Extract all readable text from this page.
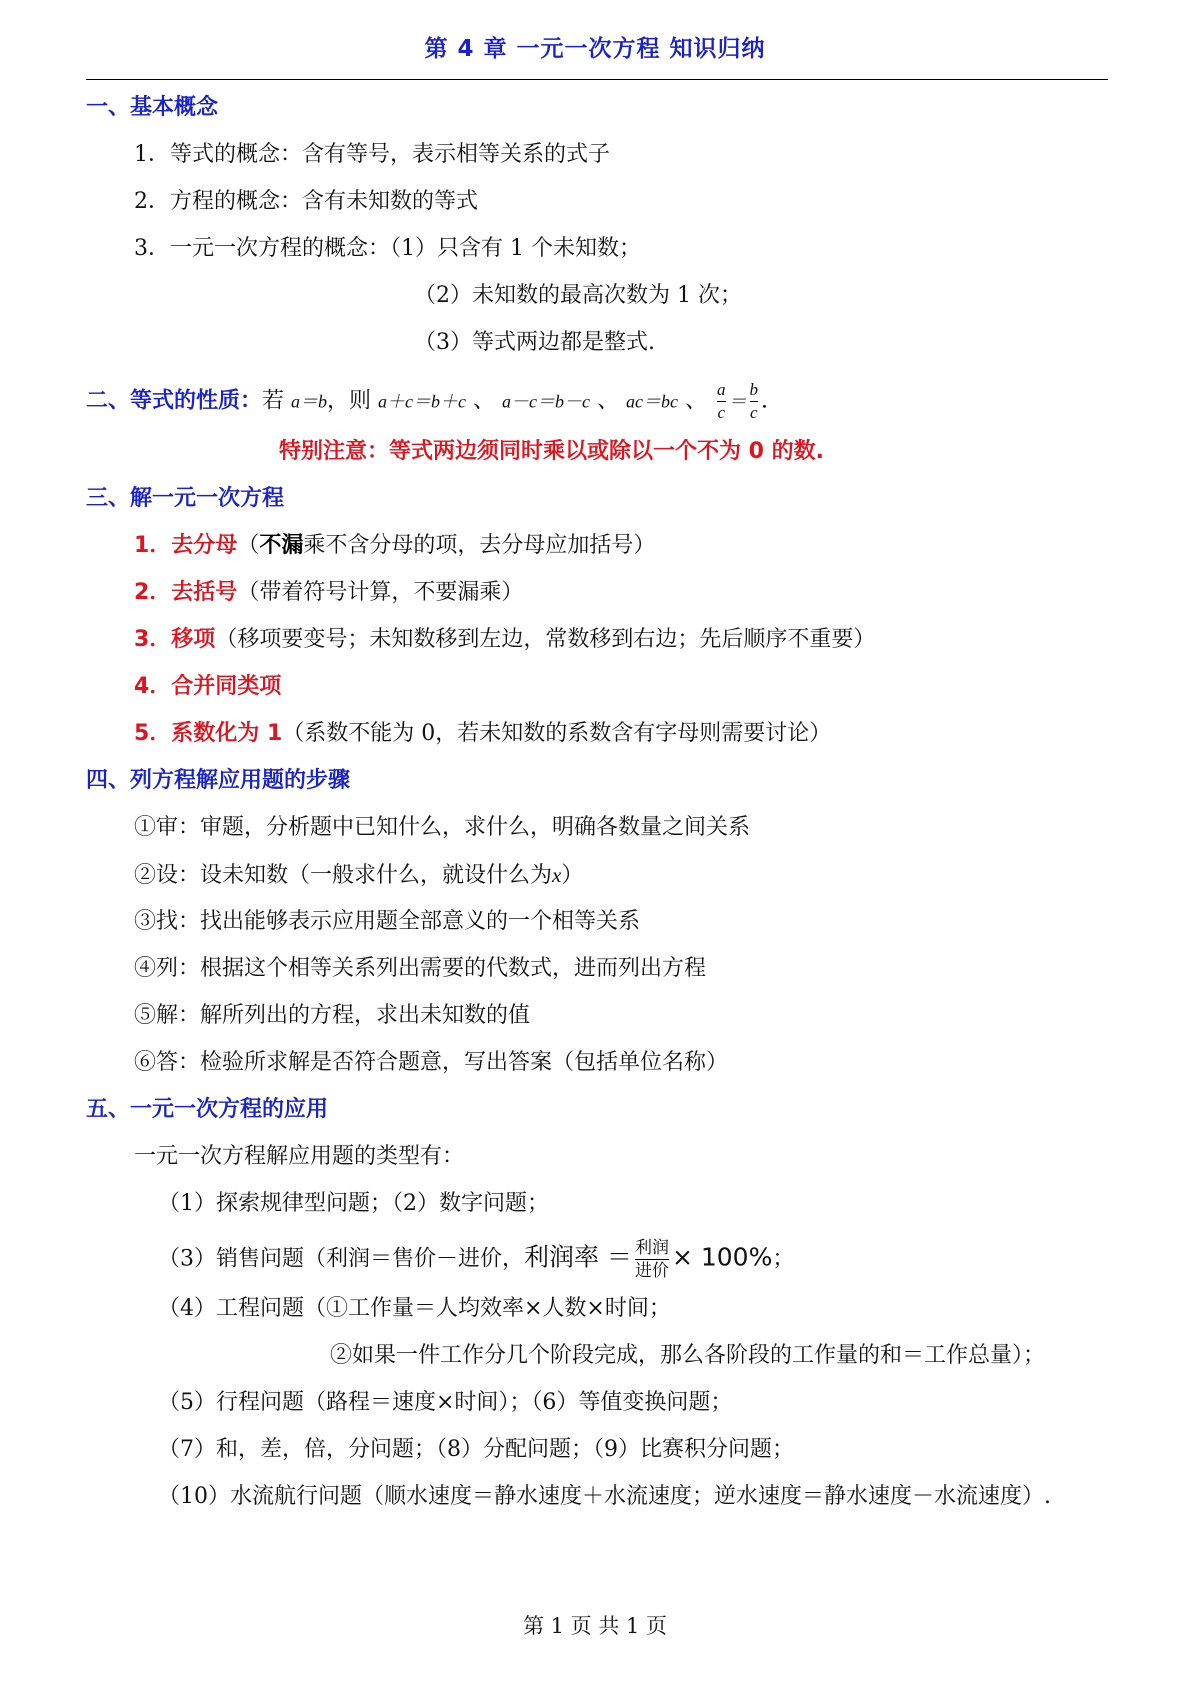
第 4 章 一元一次方程 知识归纳
一、基本概念
1．等式的概念：含有等号，表示相等关系的式子
2．方程的概念：含有未知数的等式
3．一元一次方程的概念：（1）只含有 1 个未知数；
（2）未知数的最高次数为 1 次；
（3）等式两边都是整式.
二、等式的性质：若 a＝b，则 a＋c＝b＋c 、 a－c＝b－c 、 ac＝bc 、 $\frac{a}{c} = \frac{b}{c}$ .
特别注意：等式两边须同时乘以或除以一个不为 0 的数.
三、解一元一次方程
1．去分母（不漏乘不含分母的项，去分母应加括号）
2．去括号（带着符号计算，不要漏乘）
3．移项（移项要变号；未知数移到左边，常数移到右边；先后顺序不重要）
4．合并同类项
5．系数化为 1（系数不能为 0，若未知数的系数含有字母则需要讨论）
四、列方程解应用题的步骤
①审：审题，分析题中已知什么，求什么，明确各数量之间关系
②设：设未知数（一般求什么，就设什么为x）
③找：找出能够表示应用题全部意义的一个相等关系
④列：根据这个相等关系列出需要的代数式，进而列出方程
⑤解：解所列出的方程，求出未知数的值
⑥答：检验所求解是否符合题意，写出答案（包括单位名称）
五、一元一次方程的应用
一元一次方程解应用题的类型有：
（1）探索规律型问题；（2）数字问题；
（3）销售问题（利润＝售价－进价，利润率 ＝ $\frac{\text{利润}}{\text{进价}} \times 100\%$；
（4）工程问题（①工作量＝人均效率×人数×时间；
②如果一件工作分几个阶段完成，那么各阶段的工作量的和＝工作总量）；
（5）行程问题（路程＝速度×时间）；（6）等值变换问题；
（7）和，差，倍，分问题；（8）分配问题；（9）比赛积分问题；
（10）水流航行问题（顺水速度＝静水速度＋水流速度；逆水速度＝静水速度－水流速度）.
第 1 页 共 1 页
